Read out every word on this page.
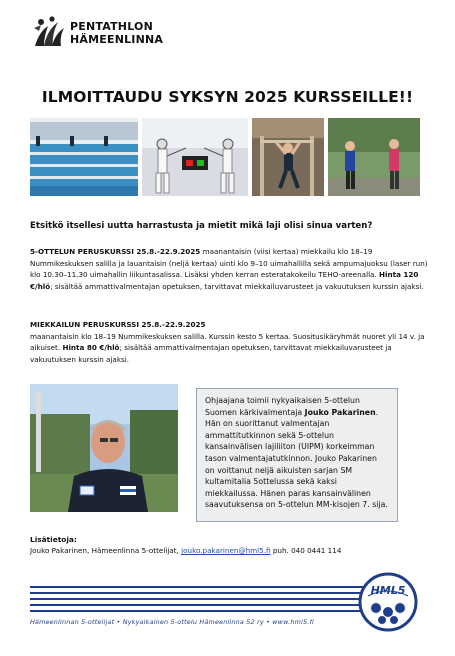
PENTATHLON
HÄMEENLINNA
ILMOITTAUDU SYKSYN 2025 KURSSEILLE!!
Etsitkö itsellesi uutta harrastusta ja mietit mikä laji olisi sinua varten?
5-OTTELUN PERUSKURSSI 25.8.-22.9.2025 maanantaisin (viisi kertaa) miekkailu klo 18–19 Nummikeskuksen salilla ja lauantaisin (neljä kertaa) uinti klo 9–10 uimahallilla sekä ampumajuoksu (laser run) klo 10.30–11.30 uimahallin liikuntasalissa. Lisäksi yhden kerran esteratakokeilu TEHO-areenalla. Hinta 120 €/hlö; sisältää ammattivalmentajan opetuksen, tarvittavat miekkailuvarusteet ja vakuutuksen kurssin ajaksi.
MIEKKAILUN PERUSKURSSI 25.8.-22.9.2025
maanantaisin klo 18–19 Nummikeskuksen salilla. Kurssin kesto 5 kertaa. Suositusikäryhmät nuoret yli 14 v. ja aikuiset. Hinta 80 €/hlö; sisältää ammattivalmentajan opetuksen, tarvittavat miekkailuvarusteet ja vakuutuksen kurssin ajaksi.
Ohjaajana toimii nykyaikaisen 5-ottelun Suomen kärkivalmentaja Jouko Pakarinen. Hän on suorittanut valmentajan ammattitutkinnon sekä 5-ottelun kansainvälisen lajiliiton (UIPM) korkeimman tason valmentajatutkinnon. Jouko Pakarinen on voittanut neljä aikuisten sarjan SM kultamitalia 5ottelussa sekä kaksi miekkailussa. Hänen paras kansainvälinen saavutuksensa on 5-ottelun MM-kisojen 7. sija.
Lisätietoja:
Jouko Pakarinen, Hämeenlinna 5-ottelijat, jouko.pakarinen@hml5.fi puh. 040 0441 114
Hämeenlinnan 5-ottelijat • Nykyaikainen 5-ottelu Hämeenlinna 52 ry • www.hml5.fi
HML5
